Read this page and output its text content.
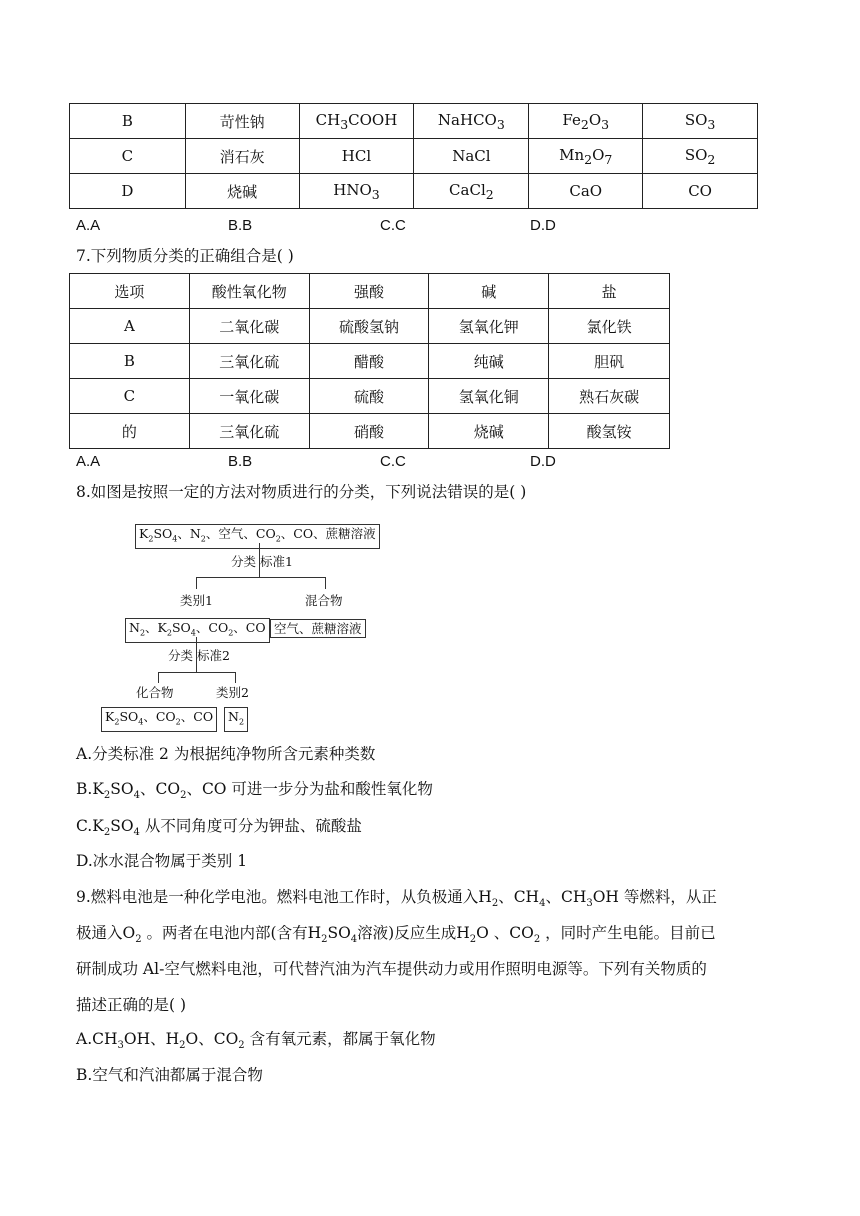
B	苛性钠	$CH_3COOH$	NaHCO$_3$	$Fe_2O_3$	$SO_3$
C	消石灰	HCl	NaCl	$Mn_2O_7$	$SO_2$
D	烧碱	$HNO_3$	CaCl$_2$	CaO	CO
A.A	B.B	C.C	D.D
7.下列物质分类的正确组合是( )
选项	酸性氧化物	强酸	碱	盐
A	二氧化碳	硫酸氢钠	氢氧化钾	氯化铁
B	三氧化硫	醋酸	纯碱	胆矾
C	一氧化碳	硫酸	氢氧化铜	熟石灰碳
的	三氧化硫	硝酸	烧碱	酸氢铵
A.A	B.B	C.C	D.D
8.如图是按照一定的方法对物质进行的分类，下列说法错误的是( )
$K_2SO_4$、$N_2$、空气、$CO_2$、CO、蔗糖溶液
分类 标准1
类别1	混合物
$N_2$、$K_2SO_4$、$CO_2$、CO 空气、蔗糖溶液
分类 标准2
化合物	类别2
$K_2SO_4$、$CO_2$、CO	$N_2$
A.分类标准 2 为根据纯净物所含元素种类数
$B.K_2SO_4$、$CO_2$、CO 可进一步分为盐和酸性氧化物
$C.K_2SO_4$ 从不同角度可分为钾盐、硫酸盐
D.冰水混合物属于类别 1
9.燃料电池是一种化学电池。燃料电池工作时，从负极通入$H_2$、$CH_4$、$CH_3OH$ 等燃料，从正
极通入$O_2$ 。两者在电池内部(含有$H_2SO_4$溶液)反应生成$H_2O$ 、$CO_2$ ，同时产生电能。目前已
研制成功 Al-空气燃料电池，可代替汽油为汽车提供动力或用作照明电源等。下列有关物质的
描述正确的是( )
$A.CH_3OH$、$H_2O$、$CO_2$ 含有氧元素，都属于氧化物
B.空气和汽油都属于混合物
